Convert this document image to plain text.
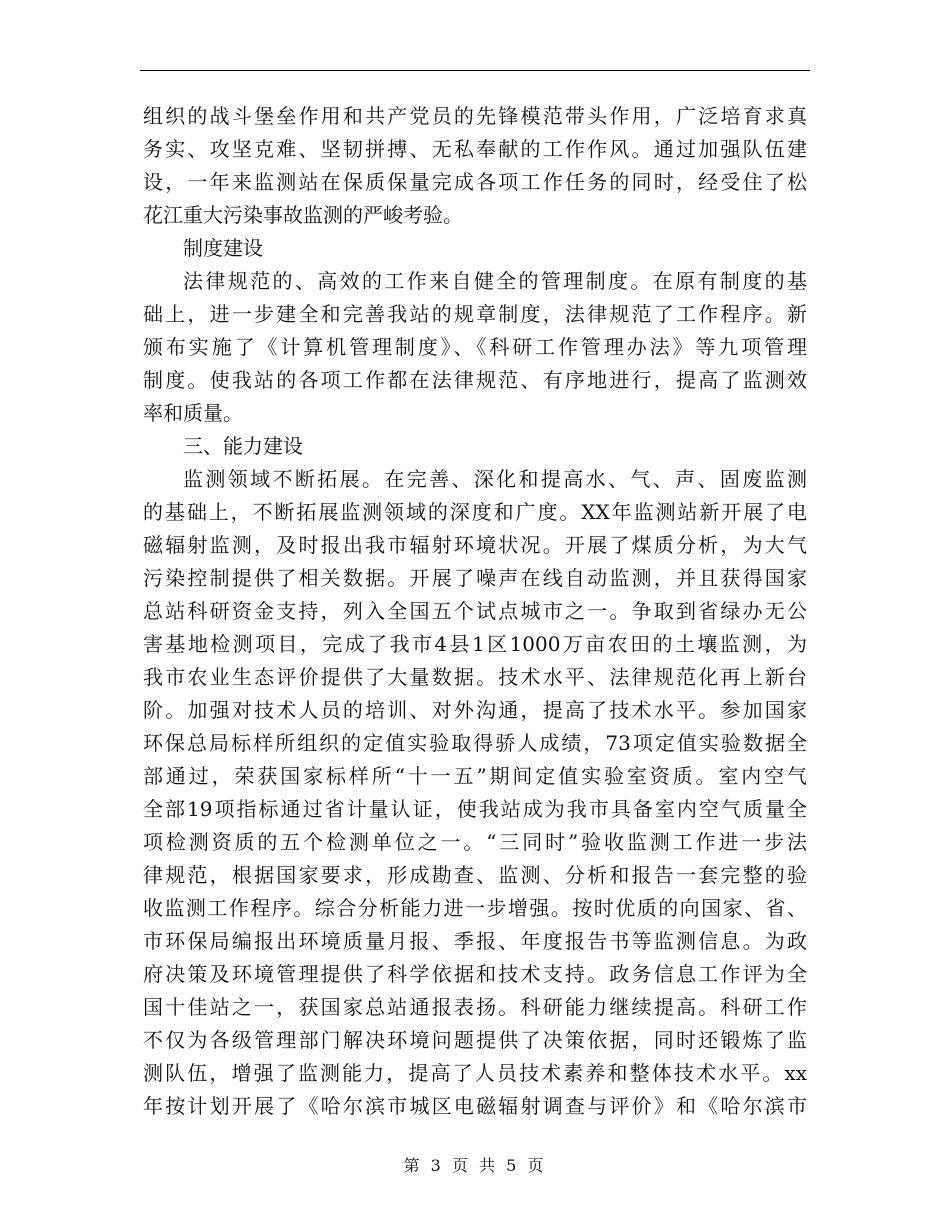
组织的战斗堡垒作用和共产党员的先锋模范带头作用，广泛培育求真
务实、攻坚克难、坚韧拼搏、无私奉献的工作作风。通过加强队伍建
设，一年来监测站在保质保量完成各项工作任务的同时，经受住了松
花江重大污染事故监测的严峻考验。
制度建设
法律规范的、高效的工作来自健全的管理制度。在原有制度的基
础上，进一步建全和完善我站的规章制度，法律规范了工作程序。新
颁布实施了《计算机管理制度》、《科研工作管理办法》等九项管理
制度。使我站的各项工作都在法律规范、有序地进行，提高了监测效
率和质量。
三、能力建设
监测领域不断拓展。在完善、深化和提高水、气、声、固废监测
的基础上，不断拓展监测领域的深度和广度。XX年监测站新开展了电
磁辐射监测，及时报出我市辐射环境状况。开展了煤质分析，为大气
污染控制提供了相关数据。开展了噪声在线自动监测，并且获得国家
总站科研资金支持，列入全国五个试点城市之一。争取到省绿办无公
害基地检测项目，完成了我市4县1区1000万亩农田的土壤监测，为
我市农业生态评价提供了大量数据。技术水平、法律规范化再上新台
阶。加强对技术人员的培训、对外沟通，提高了技术水平。参加国家
环保总局标样所组织的定值实验取得骄人成绩，73项定值实验数据全
部通过，荣获国家标样所“十一五”期间定值实验室资质。室内空气
全部19项指标通过省计量认证，使我站成为我市具备室内空气质量全
项检测资质的五个检测单位之一。“三同时”验收监测工作进一步法
律规范，根据国家要求，形成勘查、监测、分析和报告一套完整的验
收监测工作程序。综合分析能力进一步增强。按时优质的向国家、省、
市环保局编报出环境质量月报、季报、年度报告书等监测信息。为政
府决策及环境管理提供了科学依据和技术支持。政务信息工作评为全
国十佳站之一，获国家总站通报表扬。科研能力继续提高。科研工作
不仅为各级管理部门解决环境问题提供了决策依据，同时还锻炼了监
测队伍，增强了监测能力，提高了人员技术素养和整体技术水平。xx
年按计划开展了《哈尔滨市城区电磁辐射调查与评价》和《哈尔滨市
第 3 页 共 5 页
